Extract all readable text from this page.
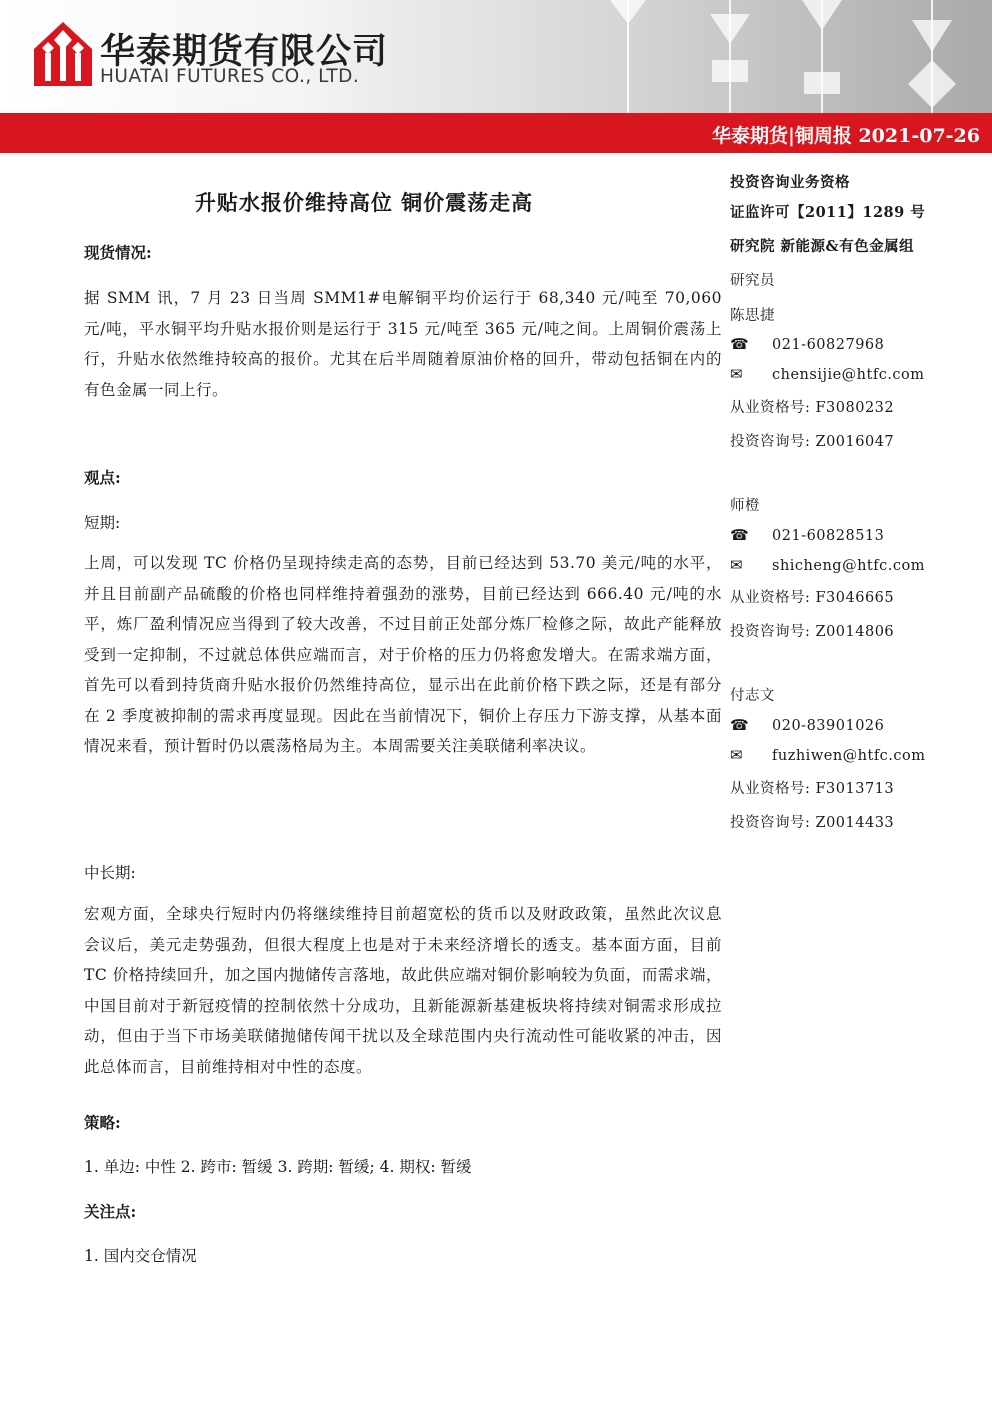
华泰期货有限公司
HUATAI FUTURES CO., LTD.
华泰期货|铜周报 2021-07-26
升贴水报价维持高位 铜价震荡走高
现货情况:

据 SMM 讯，7 月 23 日当周 SMM1#电解铜平均价运行于 68,340 元/吨至 70,060 元/吨，平水铜平均升贴水报价则是运行于 315 元/吨至 365 元/吨之间。上周铜价震荡上行，升贴水依然维持较高的报价。尤其在后半周随着原油价格的回升，带动包括铜在内的有色金属一同上行。

观点:
短期:

上周，可以发现 TC 价格仍呈现持续走高的态势，目前已经达到 53.70 美元/吨的水平，并且目前副产品硫酸的价格也同样维持着强劲的涨势，目前已经达到 666.40 元/吨的水平，炼厂盈利情况应当得到了较大改善，不过目前正处部分炼厂检修之际，故此产能释放受到一定抑制，不过就总体供应端而言，对于价格的压力仍将愈发增大。在需求端方面，首先可以看到持货商升贴水报价仍然维持高位，显示出在此前价格下跌之际，还是有部分在 2 季度被抑制的需求再度显现。因此在当前情况下，铜价上存压力下游支撑，从基本面情况来看，预计暂时仍以震荡格局为主。本周需要关注美联储利率决议。

中长期:

宏观方面，全球央行短时内仍将继续维持目前超宽松的货币以及财政政策，虽然此次议息会议后，美元走势强劲，但很大程度上也是对于未来经济增长的透支。基本面方面，目前 TC 价格持续回升，加之国内抛储传言落地，故此供应端对铜价影响较为负面，而需求端，中国目前对于新冠疫情的控制依然十分成功，且新能源新基建板块将持续对铜需求形成拉动，但由于当下市场美联储抛储传闻干扰以及全球范围内央行流动性可能收紧的冲击，因此总体而言，目前维持相对中性的态度。

策略:
1. 单边: 中性 2. 跨市: 暂缓 3. 跨期: 暂缓; 4. 期权: 暂缓
关注点:
1. 国内交仓情况
投资咨询业务资格
证监许可【2011】1289 号
研究院 新能源&有色金属组
研究员
陈思捷
☎ 021-60827968
✉ chensijie@htfc.com
从业资格号: F3080232
投资咨询号: Z0016047
师橙
☎ 021-60828513
✉ shicheng@htfc.com
从业资格号: F3046665
投资咨询号: Z0014806
付志文
☎ 020-83901026
✉ fuzhiwen@htfc.com
从业资格号: F3013713
投资咨询号: Z0014433
